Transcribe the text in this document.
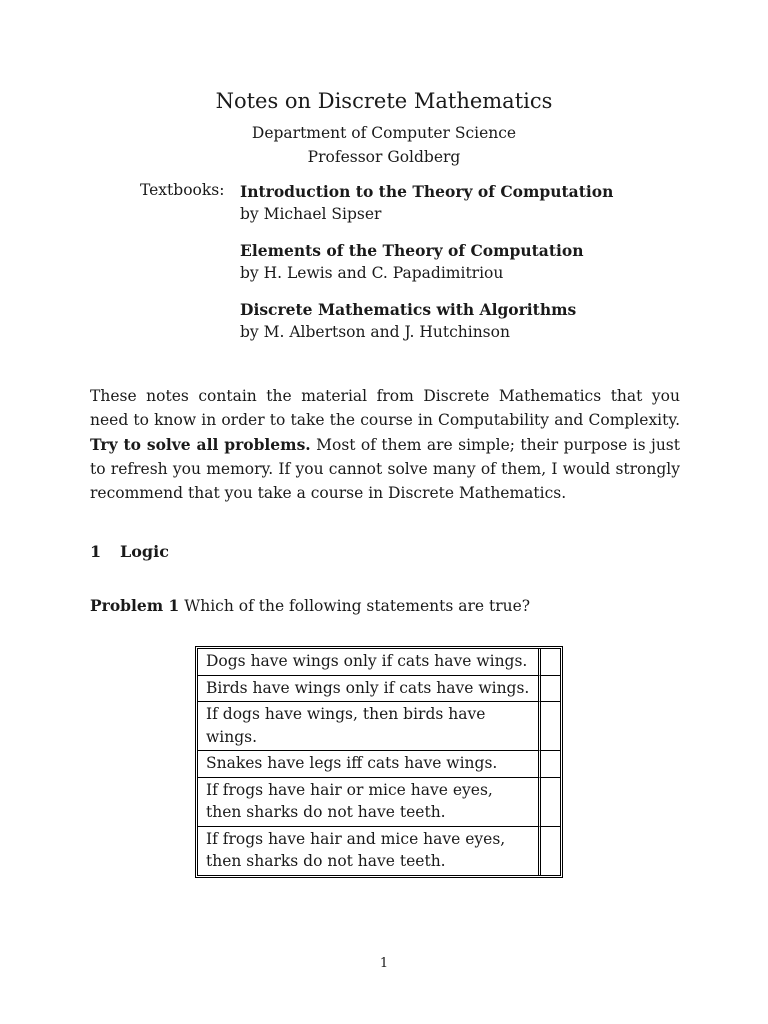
Notes on Discrete Mathematics
Department of Computer Science
Professor Goldberg
Textbooks: Introduction to the Theory of Computation
by Michael Sipser
Elements of the Theory of Computation
by H. Lewis and C. Papadimitriou
Discrete Mathematics with Algorithms
by M. Albertson and J. Hutchinson
These notes contain the material from Discrete Mathematics that you need to know in order to take the course in Computability and Complexity. Try to solve all problems. Most of them are simple; their purpose is just to refresh you memory. If you cannot solve many of them, I would strongly recommend that you take a course in Discrete Mathematics.
1 Logic
Problem 1 Which of the following statements are true?
Dogs have wings only if cats have wings.	

Birds have wings only if cats have wings.	

If dogs have wings, then birds have wings.	

Snakes have legs iff cats have wings.	

If frogs have hair or mice have eyes,
then sharks do not have teeth.	

If frogs have hair and mice have eyes,
then sharks do not have teeth.	

1
